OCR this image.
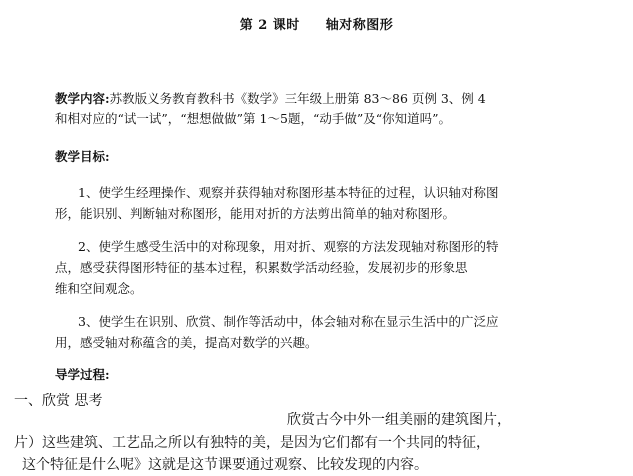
第 2 课时 轴对称图形
教学内容:苏教版义务教育教科书《数学》三年级上册第 83～86 页例 3、例 4
和相对应的“试一试”，“想想做做”第 1～5题，“动手做”及“你知道吗”。
教学目标:
1、使学生经理操作、观察并获得轴对称图形基本特征的过程，认识轴对称图
形，能识别、判断轴对称图形，能用对折的方法剪出简单的轴对称图形。
2、使学生感受生活中的对称现象，用对折、观察的方法发现轴对称图形的特
点，感受获得图形特征的基本过程，积累数学活动经验，发展初步的形象思
维和空间观念。
3、使学生在识别、欣赏、制作等活动中，体会轴对称在显示生活中的广泛应
用，感受轴对称蕴含的美，提高对数学的兴趣。
导学过程:
一、欣赏 思考
欣赏古今中外一组美丽的建筑图片，
片）这些建筑、工艺品之所以有独特的美，是因为它们都有一个共同的特征，
这个特征是什么呢》这就是这节课要通过观察、比较发现的内容。
